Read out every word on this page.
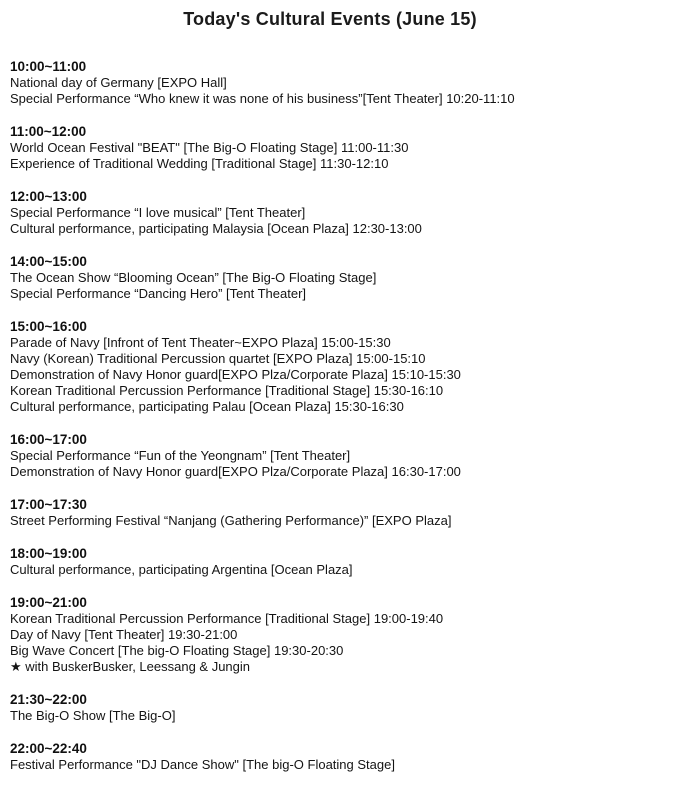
Today's Cultural Events (June 15)
10:00~11:00
National day of Germany [EXPO Hall]
Special Performance “Who knew it was none of his business”[Tent Theater] 10:20-11:10
11:00~12:00
World Ocean Festival "BEAT" [The Big-O Floating Stage] 11:00-11:30
Experience of Traditional Wedding [Traditional Stage] 11:30-12:10
12:00~13:00
Special Performance “I love musical” [Tent Theater]
Cultural performance, participating Malaysia [Ocean Plaza] 12:30-13:00
14:00~15:00
The Ocean Show “Blooming Ocean” [The Big-O Floating Stage]
Special Performance “Dancing Hero” [Tent Theater]
15:00~16:00
Parade of Navy [Infront of Tent Theater~EXPO Plaza] 15:00-15:30
Navy (Korean) Traditional Percussion quartet [EXPO Plaza] 15:00-15:10
Demonstration of Navy Honor guard[EXPO Plza/Corporate Plaza] 15:10-15:30
Korean Traditional Percussion Performance [Traditional Stage] 15:30-16:10
Cultural performance, participating Palau [Ocean Plaza] 15:30-16:30
16:00~17:00
Special Performance “Fun of the Yeongnam” [Tent Theater]
Demonstration of Navy Honor guard[EXPO Plza/Corporate Plaza] 16:30-17:00
17:00~17:30
Street Performing Festival “Nanjang (Gathering Performance)” [EXPO Plaza]
18:00~19:00
Cultural performance, participating Argentina [Ocean Plaza]
19:00~21:00
Korean Traditional Percussion Performance [Traditional Stage] 19:00-19:40
Day of Navy [Tent Theater] 19:30-21:00
Big Wave Concert [The big-O Floating Stage] 19:30-20:30
★ with BuskerBusker, Leessang & Jungin
21:30~22:00
The Big-O Show [The Big-O]
22:00~22:40
Festival Performance "DJ Dance Show" [The big-O Floating Stage]
